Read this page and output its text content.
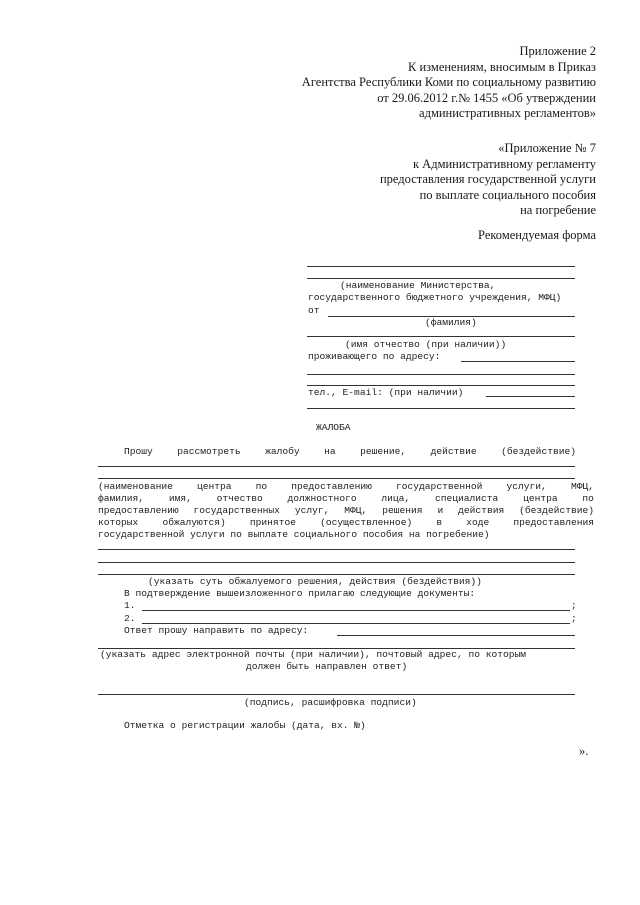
Приложение 2
К изменениям, вносимым в Приказ
Агентства Республики Коми по социальному развитию
от 29.06.2012 г.№ 1455 «Об утверждении
административных регламентов»
«Приложение № 7
к Административному регламенту
предоставления государственной услуги
по выплате социального пособия
на погребение
Рекомендуемая форма
(наименование Министерства,
государственного бюджетного учреждения, МФЦ)
от
(фамилия)
(имя отчество (при наличии))
проживающего по адресу:
тел., E-mail: (при наличии)
ЖАЛОБА
Прошу	рассмотреть	жалобу	на	решение,	действие	(бездействие)
(наименование	центра	по	предоставлению	государственной	услуги,	МФЦ,
фамилия,	имя,	отчество	должностного	лица,	специалиста	центра	по
предоставлению государственных услуг, МФЦ, решения и действия (бездействие)
которых	обжалуются)	принятое	(осуществленное)	в	ходе	предоставления
государственной услуги по выплате социального пособия на погребение)
(указать суть обжалуемого решения, действия (бездействия))
В подтверждение вышеизложенного прилагаю следующие документы:
1.	;
2.	;
Ответ прошу направить по адресу:
(указать адрес электронной почты (при наличии), почтовый адрес, по которым
должен быть направлен ответ)
(подпись, расшифровка подписи)
Отметка о регистрации жалобы (дата, вх. №)
».
